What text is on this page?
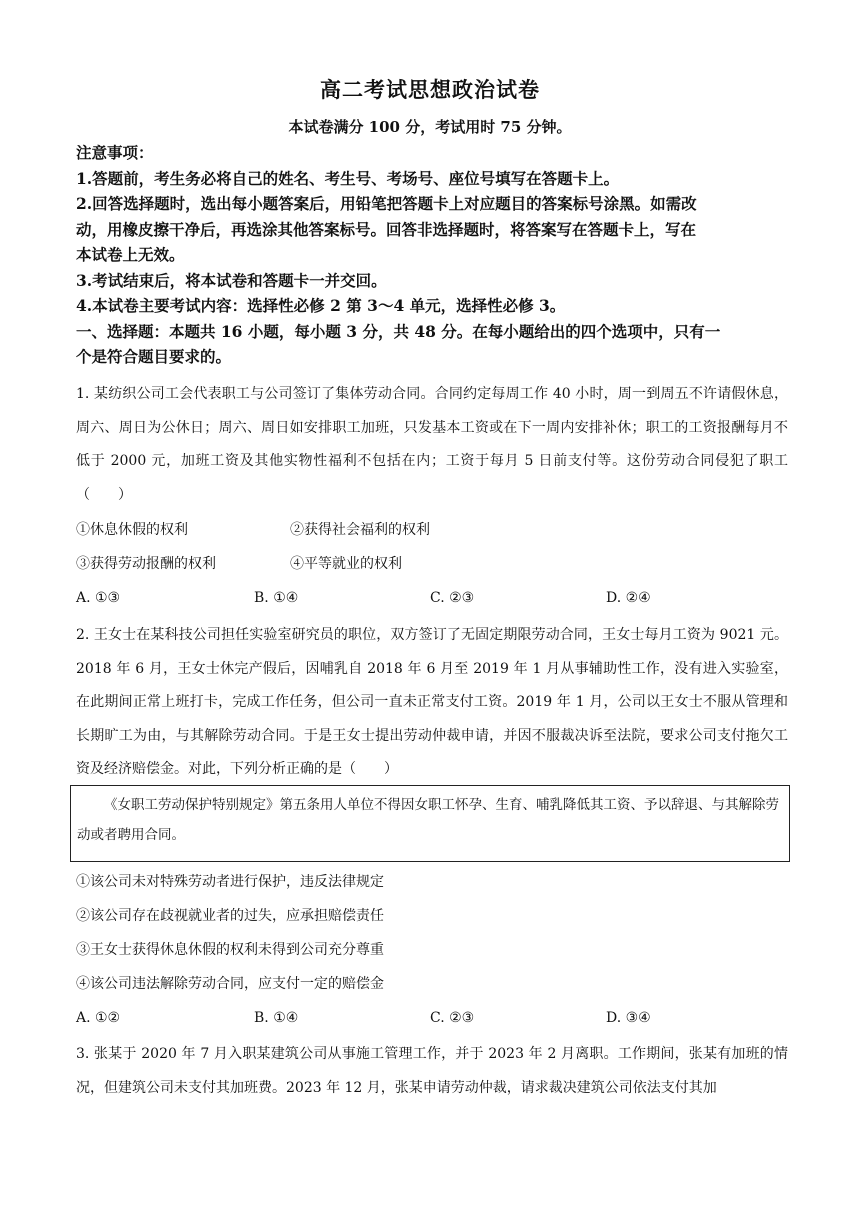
高二考试思想政治试卷
本试卷满分 100 分，考试用时 75 分钟。

注意事项：

1.答题前，考生务必将自己的姓名、考生号、考场号、座位号填写在答题卡上。

2.回答选择题时，选出每小题答案后，用铅笔把答题卡上对应题目的答案标号涂黑。如需改

动，用橡皮擦干净后，再选涂其他答案标号。回答非选择题时，将答案写在答题卡上，写在

本试卷上无效。

3.考试结束后，将本试卷和答题卡一并交回。

4.本试卷主要考试内容：选择性必修 2 第 3～4 单元，选择性必修 3。

一、选择题：本题共 16 小题，每小题 3 分，共 48 分。在每小题给出的四个选项中，只有一

个是符合题目要求的。

1. 某纺织公司工会代表职工与公司签订了集体劳动合同。合同约定每周工作 40 小时，周一到周五不许请假休息，周六、周日为公休日；周六、周日如安排职工加班，只发基本工资或在下一周内安排补休；职工的工资报酬每月不低于 2000 元，加班工资及其他实物性福利不包括在内；工资于每月 5 日前支付等。这份劳动合同侵犯了职工（　　）

①休息休假的权利	②获得社会福利的权利
③获得劳动报酬的权利	④平等就业的权利
A. ①③	B. ①④	C. ②③	D. ②④

2. 王女士在某科技公司担任实验室研究员的职位，双方签订了无固定期限劳动合同，王女士每月工资为 9021 元。2018 年 6 月，王女士休完产假后，因哺乳自 2018 年 6 月至 2019 年 1 月从事辅助性工作，没有进入实验室，在此期间正常上班打卡，完成工作任务，但公司一直未正常支付工资。2019 年 1 月，公司以王女士不服从管理和长期旷工为由，与其解除劳动合同。于是王女士提出劳动仲裁申请，并因不服裁决诉至法院，要求公司支付拖欠工资及经济赔偿金。对此，下列分析正确的是（　　）

《女职工劳动保护特别规定》第五条用人单位不得因女职工怀孕、生育、哺乳降低其工资、予以辞退、与其解除劳动或者聘用合同。

①该公司未对特殊劳动者进行保护，违反法律规定
②该公司存在歧视就业者的过失，应承担赔偿责任
③王女士获得休息休假的权利未得到公司充分尊重
④该公司违法解除劳动合同，应支付一定的赔偿金
A. ①②	B. ①④	C. ②③	D. ③④

3. 张某于 2020 年 7 月入职某建筑公司从事施工管理工作，并于 2023 年 2 月离职。工作期间，张某有加班的情况，但建筑公司未支付其加班费。2023 年 12 月，张某申请劳动仲裁，请求裁决建筑公司依法支付其加
